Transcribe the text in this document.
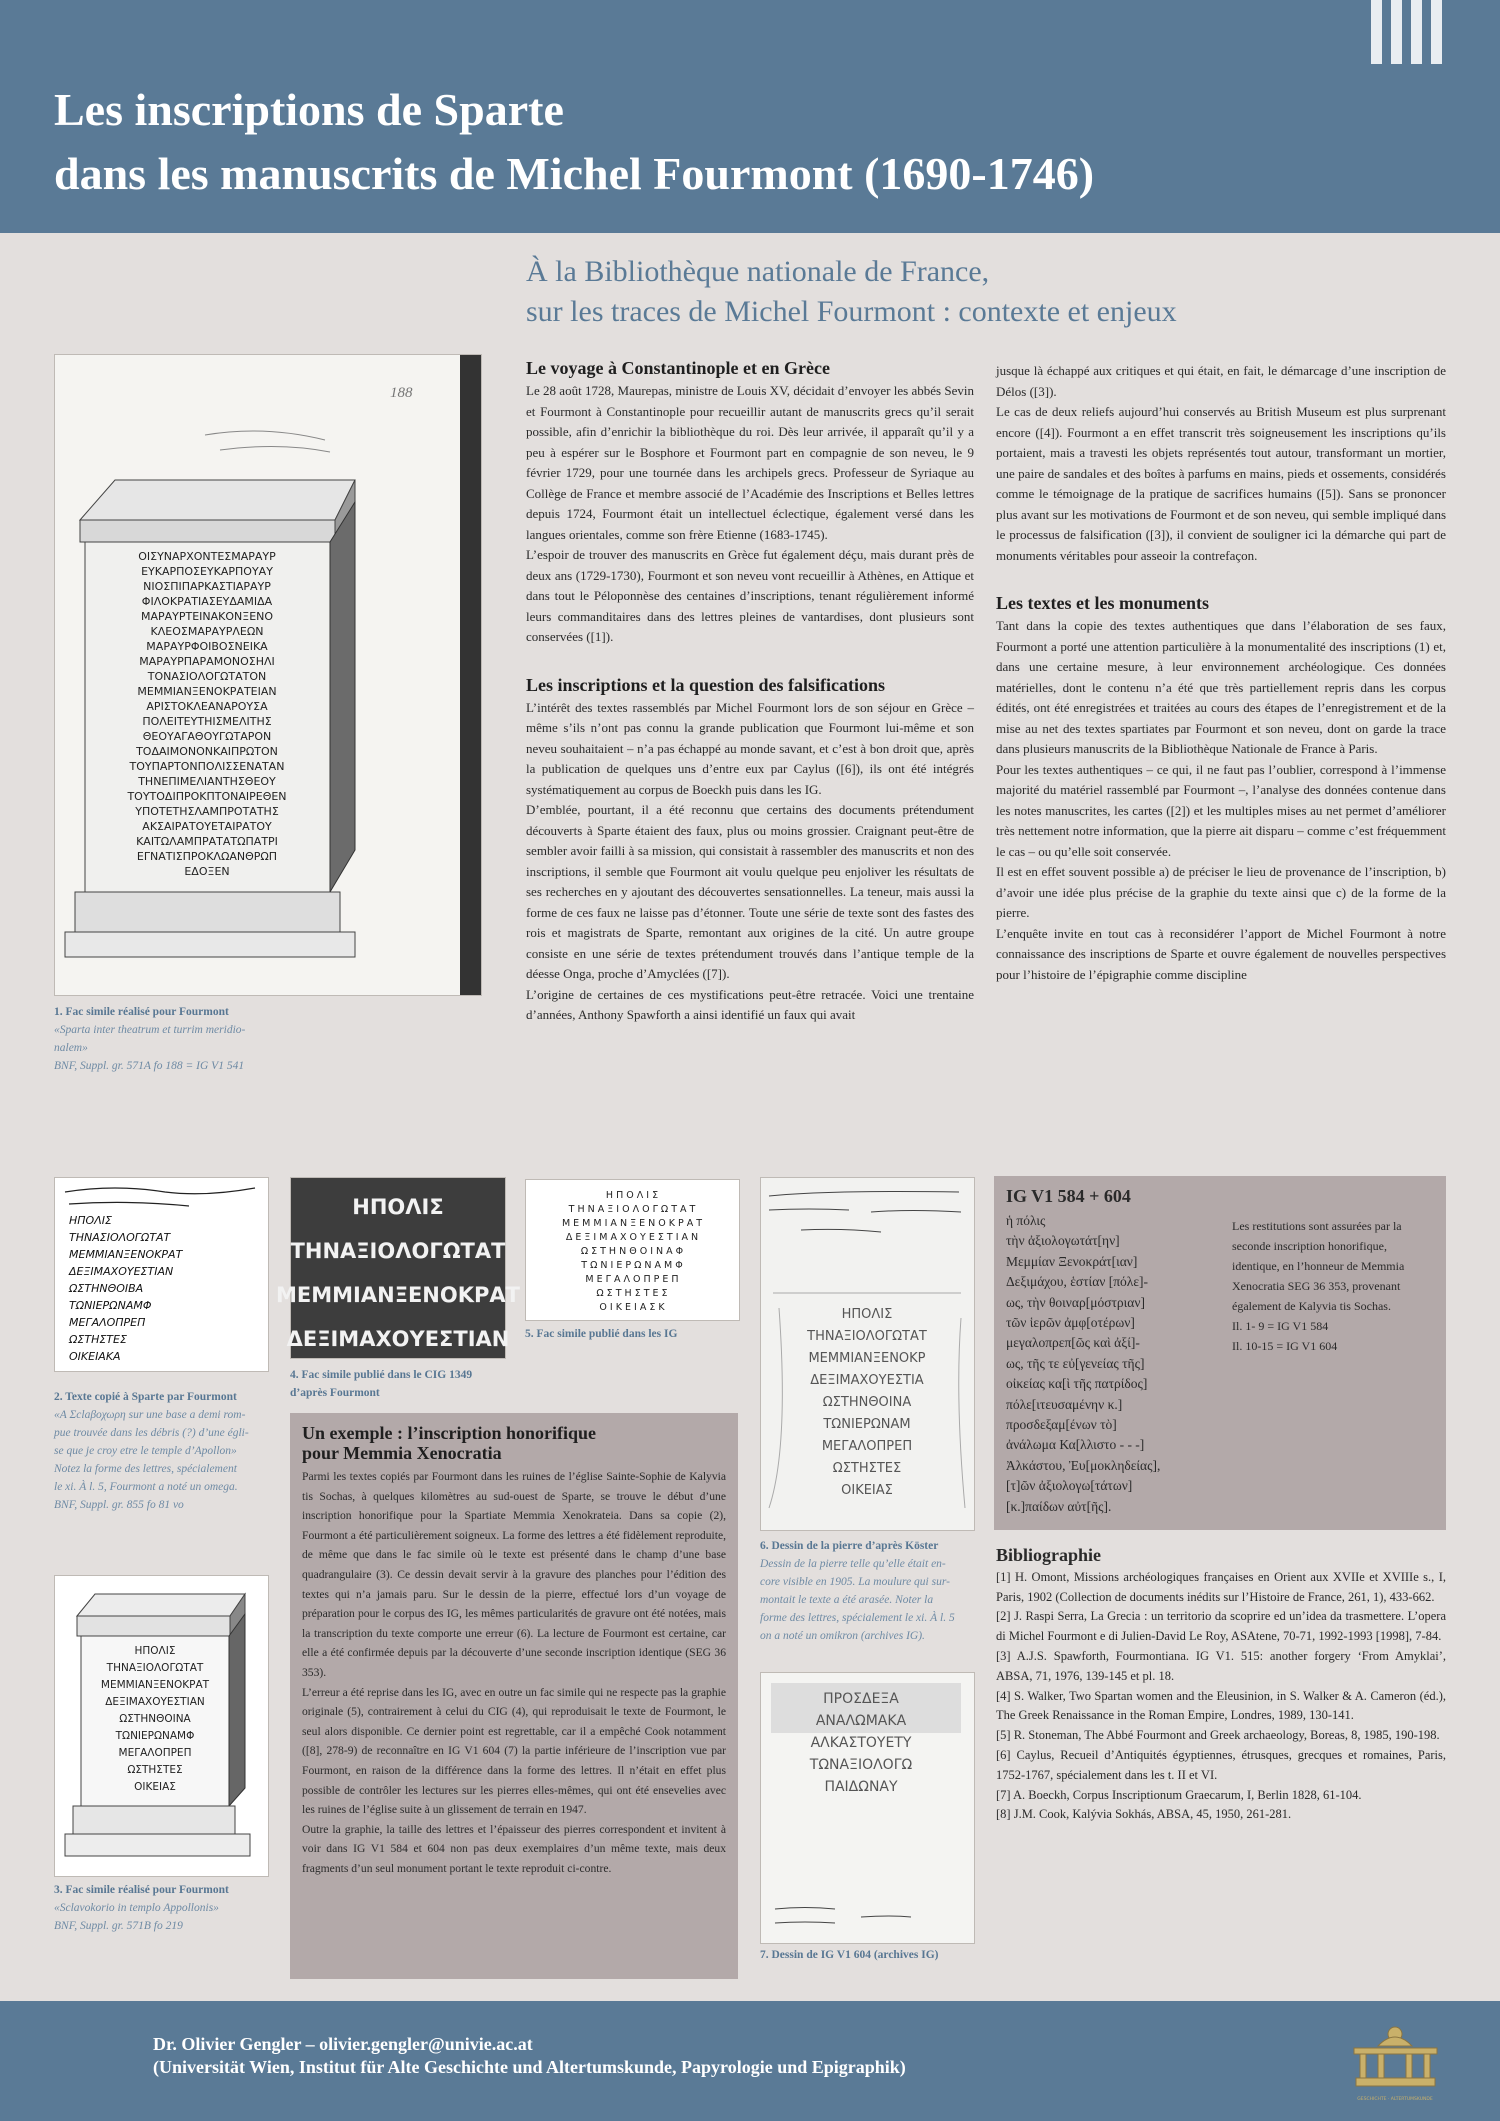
Les inscriptions de Sparte
dans les manuscrits de Michel Fourmont (1690-1746)
À la Bibliothèque nationale de France,
sur les traces de Michel Fourmont : contexte et enjeux
188
ΟΙΣΥΝΑΡΧΟΝΤΕΣΜΑΡΑΥΡ
ΕΥΚΑΡΠΟΣΕΥΚΑΡΠΟΥΑΥ
ΝΙΟΣΠΙΠΑΡΚΑΣΤΙΑΡΑΥΡ
ΦΙΛΟΚΡΑΤΙΑΣΕΥΔΑΜΙΔΑ
ΜΑΡΑΥΡΤΕΙΝΑΚΟΝΞΕΝΟ
ΚΛΕΟΣΜΑΡΑΥΡΛΕΩΝ
ΜΑΡΑΥΡΦΟΙΒΟΣΝΕΙΚΑ
ΜΑΡΑΥΡΠΑΡΑΜΟΝΟΣΗΛΙ
ΤΟΝΑΣΙΟΛΟΓΩΤΑΤΟΝ
ΜΕΜΜΙΑΝΞΕΝΟΚΡΑΤΕΙΑΝ
ΑΡΙΣΤΟΚΛΕΑΝΑΡΟΥΣΑ
ΠΟΛΕΙΤΕΥΤΗΙΣΜΕΛΙΤΗΣ
ΘΕΟΥΑΓΑΘΟΥΓΩΤΑΡΟΝ
ΤΟΔΑΙΜΟΝΟΝΚΑΙΠΡΩΤΟΝ
ΤΟΥΠΑΡΤΟΝΠΟΛΙΣΣΕΝΑΤΑΝ
ΤΗΝΕΠΙΜΕΛΙΑΝΤΗΣΘΕΟΥ
ΤΟΥΤΟΔΙΠΡΟΚΠΤΟΝΑΙΡΕΘΕΝ
ΥΠΟΤΕΤΗΣΛΑΜΠΡΟΤΑΤΗΣ
ΑΚΣΑΙΡΑΤΟΥΕΤΑΙΡΑΤΟΥ
ΚΑΙΤΩΛΑΜΠΡΑΤΑΤΩΠΑΤΡΙ
ΕΓΝΑΤΙΣΠΡΟΚΛΩΑΝΘΡΩΠ
ΕΔΟΞΕΝ
1. Fac simile réalisé pour Fourmont
«Sparta inter theatrum et turrim meridio-
nalem»
BNF, Suppl. gr. 571A fo 188 = IG V1 541
Le voyage à Constantinople et en Grèce

Le 28 août 1728, Maurepas, ministre de Louis XV, décidait d’envoyer les abbés Sevin et Fourmont à Constantinople pour recueillir autant de manuscrits grecs qu’il serait possible, afin d’enrichir la bibliothèque du roi. Dès leur arrivée, il apparaît qu’il y a peu à espérer sur le Bosphore et Fourmont part en compagnie de son neveu, le 9 février 1729, pour une tournée dans les archipels grecs. Professeur de Syriaque au Collège de France et membre associé de l’Académie des Inscriptions et Belles lettres depuis 1724, Fourmont était un intellectuel éclectique, également versé dans les langues orientales, comme son frère Etienne (1683-1745).

L’espoir de trouver des manuscrits en Grèce fut également déçu, mais durant près de deux ans (1729-1730), Fourmont et son neveu vont recueillir à Athènes, en Attique et dans tout le Péloponnèse des centaines d’inscriptions, tenant régulièrement informé leurs commanditaires dans des lettres pleines de vantardises, dont plusieurs sont conservées ([1]).

Les inscriptions et la question des falsifications

L’intérêt des textes rassemblés par Michel Fourmont lors de son séjour en Grèce – même s’ils n’ont pas connu la grande publication que Fourmont lui-même et son neveu souhaitaient – n’a pas échappé au monde savant, et c’est à bon droit que, après la publication de quelques uns d’entre eux par Caylus ([6]), ils ont été intégrés systématiquement au corpus de Boeckh puis dans les IG.

D’emblée, pourtant, il a été reconnu que certains des documents prétendument découverts à Sparte étaient des faux, plus ou moins grossier. Craignant peut-être de sembler avoir failli à sa mission, qui consistait à rassembler des manuscrits et non des inscriptions, il semble que Fourmont ait voulu quelque peu enjoliver les résultats de ses recherches en y ajoutant des découvertes sensationnelles. La teneur, mais aussi la forme de ces faux ne laisse pas d’étonner. Toute une série de texte sont des fastes des rois et magistrats de Sparte, remontant aux origines de la cité. Un autre groupe consiste en une série de textes prétendument trouvés dans l’antique temple de la déesse Onga, proche d’Amyclées ([7]).

L’origine de certaines de ces mystifications peut-être retracée. Voici une trentaine d’années, Anthony Spawforth a ainsi identifié un faux qui avait

jusque là échappé aux critiques et qui était, en fait, le démarcage d’une inscription de Délos ([3]).

Le cas de deux reliefs aujourd’hui conservés au British Museum est plus surprenant encore ([4]). Fourmont a en effet transcrit très soigneusement les inscriptions qu’ils portaient, mais a travesti les objets représentés tout autour, transformant un mortier, une paire de sandales et des boîtes à parfums en mains, pieds et ossements, considérés comme le témoignage de la pratique de sacrifices humains ([5]). Sans se prononcer plus avant sur les motivations de Fourmont et de son neveu, qui semble impliqué dans le processus de falsification ([3]), il convient de souligner ici la démarche qui part de monuments véritables pour asseoir la contrefaçon.

Les textes et les monuments

Tant dans la copie des textes authentiques que dans l’élaboration de ses faux, Fourmont a porté une attention particulière à la monumentalité des inscriptions (1) et, dans une certaine mesure, à leur environnement archéologique. Ces données matérielles, dont le contenu n’a été que très partiellement repris dans les corpus édités, ont été enregistrées et traitées au cours des étapes de l’enregistrement et de la mise au net des textes spartiates par Fourmont et son neveu, dont on garde la trace dans plusieurs manuscrits de la Bibliothèque Nationale de France à Paris.

Pour les textes authentiques – ce qui, il ne faut pas l’oublier, correspond à l’immense majorité du matériel rassemblé par Fourmont –, l’analyse des données contenue dans les notes manuscrites, les cartes ([2]) et les multiples mises au net permet d’améliorer très nettement notre information, que la pierre ait disparu – comme c’est fréquemment le cas – ou qu’elle soit conservée.

Il est en effet souvent possible a) de préciser le lieu de provenance de l’inscription, b) d’avoir une idée plus précise de la graphie du texte ainsi que c) de la forme de la pierre.

L’enquête invite en tout cas à reconsidérer l’apport de Michel Fourmont à notre connaissance des inscriptions de Sparte et ouvre également de nouvelles perspectives pour l’histoire de l’épigraphie comme discipline

ΗΠΟΛΙΣ
ΤΗΝΑΣΙΟΛΟΓΩΤΑΤ
ΜΕΜΜΙΑΝΞΕΝΟΚΡΑΤ
ΔΕΞΙΜΑΧΟΥΕΣΤΙΑΝ
ΩΣΤΗΝΘΟΙΒΑ
ΤΩΝΙΕΡΩΝΑΜΦ
ΜΕΓΑΛΟΠΡΕΠ
ΩΣΤΗΣΤΕΣ
ΟΙΚΕΙΑΚΑ
2. Texte copié à Sparte par Fourmont
«A Σclaβοχωρη sur une base a demi rom-
pue trouvée dans les débris (?) d’une égli-
se que je croy etre le temple d’Apollon»
Notez la forme des lettres, spécialement
le xi. À l. 5, Fourmont a noté un omega.
BNF, Suppl. gr. 855 fo 81 vo
ΗΠΟΛΙΣ
ΤΗΝΑΞΙΟΛΟΓΩΤΑΤ
ΜΕΜΜΙΑΝΞΕΝΟΚΡΑΤ
ΔΕΞΙΜΑΧΟΥΕΣΤΙΑΝ
4. Fac simile publié dans le CIG 1349
d’après Fourmont
Η Π Ο Λ Ι Σ
Τ Η Ν Α Ξ Ι Ο Λ Ο Γ Ω Τ Α Τ
Μ Ε Μ Μ Ι Α Ν Ξ Ε Ν Ο Κ Ρ Α Τ
Δ Ε Ξ Ι Μ Α Χ Ο Υ Ε Σ Τ Ι Α Ν
Ω Σ Τ Η Ν Θ Ο Ι Ν Α Φ
Τ Ω Ν Ι Ε Ρ Ω Ν Α Μ Φ
Μ Ε Γ Α Λ Ο Π Ρ Ε Π
Ω Σ Τ Η Σ Τ Ε Σ
Ο Ι Κ Ε Ι Α Σ Κ
5. Fac simile publié dans les IG
ΗΠΟΛΙΣ
ΤΗΝΑΞΙΟΛΟΓΩΤΑΤ
ΜΕΜΜΙΑΝΞΕΝΟΚΡΑΤ
ΔΕΞΙΜΑΧΟΥΕΣΤΙΑΝ
ΩΣΤΗΝΘΟΙΝΑ
ΤΩΝΙΕΡΩΝΑΜΦ
ΜΕΓΑΛΟΠΡΕΠ
ΩΣΤΗΣΤΕΣ
ΟΙΚΕΙΑΣ
3. Fac simile réalisé pour Fourmont
«Sclavokorio in templo Appollonis»
BNF, Suppl. gr. 571B fo 219
Un exemple : l’inscription honorifique
pour Memmia Xenocratia

Parmi les textes copiés par Fourmont dans les ruines de l’église Sainte-Sophie de Kalyvia tis Sochas, à quelques kilomètres au sud-ouest de Sparte, se trouve le début d’une inscription honorifique pour la Spartiate Memmia Xenokrateia. Dans sa copie (2), Fourmont a été particulièrement soigneux. La forme des lettres a été fidèlement reproduite, de même que dans le fac simile où le texte est présenté dans le champ d’une base quadrangulaire (3). Ce dessin devait servir à la gravure des planches pour l’édition des textes qui n’a jamais paru. Sur le dessin de la pierre, effectué lors d’un voyage de préparation pour le corpus des IG, les mêmes particularités de gravure ont été notées, mais la transcription du texte comporte une erreur (6). La lecture de Fourmont est certaine, car elle a été confirmée depuis par la découverte d’une seconde inscription identique (SEG 36 353).

L’erreur a été reprise dans les IG, avec en outre un fac simile qui ne respecte pas la graphie originale (5), contrairement à celui du CIG (4), qui reproduisait le texte de Fourmont, le seul alors disponible. Ce dernier point est regrettable, car il a empêché Cook notamment ([8], 278-9) de reconnaître en IG V1 604 (7) la partie inférieure de l’inscription vue par Fourmont, en raison de la différence dans la forme des lettres. Il n’était en effet plus possible de contrôler les lectures sur les pierres elles-mêmes, qui ont été ensevelies avec les ruines de l’église suite à un glissement de terrain en 1947.

Outre la graphie, la taille des lettres et l’épaisseur des pierres correspondent et invitent à voir dans IG V1 584 et 604 non pas deux exemplaires d’un même texte, mais deux fragments d’un seul monument portant le texte reproduit ci-contre.

ΗΠΟΛΙΣ
ΤΗΝΑΞΙΟΛΟΓΩΤΑΤ
ΜΕΜΜΙΑΝΞΕΝΟΚΡ
ΔΕΞΙΜΑΧΟΥΕΣΤΙΑ
ΩΣΤΗΝΘΟΙΝΑ
ΤΩΝΙΕΡΩΝΑΜ
ΜΕΓΑΛΟΠΡΕΠ
ΩΣΤΗΣΤΕΣ
ΟΙΚΕΙΑΣ
6. Dessin de la pierre d’après Köster
Dessin de la pierre telle qu’elle était en-
core visible en 1905. La moulure qui sur-
montait le texte a été arasée. Noter la
forme des lettres, spécialement le xi. À l. 5
on a noté un omikron (archives IG).
ΠΡΟΣΔΕΞΑ
ΑΝΑΛΩΜΑΚΑ
ΑΛΚΑΣΤΟΥΕΤΥ
ΤΩΝΑΞΙΟΛΟΓΩ
ΠΑΙΔΩΝΑΥ
7. Dessin de IG V1 604 (archives IG)
IG V1 584 + 604
ἡ πόλις
τὴν ἀξιολογωτάτ[ην]
Μεμμίαν Ξενοκράτ[ιαν]
Δεξιμάχου, ἑστίαν [πόλε]-
ως, τὴν θοιναρ[μόστριαν]
τῶν ἱερῶν ἀμφ[οτέρων]
μεγαλοπρεπ[ῶς καὶ ἀξί]-
ως, τῆς τε εὐ[γενείας τῆς]
οἰκείας κα[ὶ τῆς πατρίδος]
πόλε[ιτευσαμένην κ.]
προσδεξαμ[ένων τὸ]
ἀνάλωμα Κα[λλιστο - - -]
Ἀλκάστου, Ἐυ[μοκληδείας],
[τ]ῶν ἀξιολογω[τάτων]
[κ.]παίδων αὐτ[ῆς].
Les restitutions sont assurées par la seconde inscription honorifique, identique, en l’honneur de Memmia Xenocratia SEG 36 353, provenant également de Kalyvia tis Sochas.
Il. 1- 9 = IG V1 584
Il. 10-15 = IG V1 604
Bibliographie

[1] H. Omont, Missions archéologiques françaises en Orient aux XVIIe et XVIIIe s., I, Paris, 1902 (Collection de documents inédits sur l’Histoire de France, 261, 1), 433-662.

[2] J. Raspi Serra, La Grecia : un territorio da scoprire ed un’idea da trasmettere. L’opera di Michel Fourmont e di Julien-David Le Roy, ASAtene, 70-71, 1992-1993 [1998], 7-84.

[3] A.J.S. Spawforth, Fourmontiana. IG V1. 515: another forgery ‘From Amyklai’, ABSA, 71, 1976, 139-145 et pl. 18.

[4] S. Walker, Two Spartan women and the Eleusinion, in S. Walker & A. Cameron (éd.), The Greek Renaissance in the Roman Empire, Londres, 1989, 130-141.

[5] R. Stoneman, The Abbé Fourmont and Greek archaeology, Boreas, 8, 1985, 190-198.

[6] Caylus, Recueil d’Antiquités égyptiennes, étrusques, grecques et romaines, Paris, 1752-1767, spécialement dans les t. II et VI.

[7] A. Boeckh, Corpus Inscriptionum Graecarum, I, Berlin 1828, 61-104.

[8] J.M. Cook, Kalývia Sokhás, ABSA, 45, 1950, 261-281.

Dr. Olivier Gengler – olivier.gengler@univie.ac.at
(Universität Wien, Institut für Alte Geschichte und Altertumskunde, Papyrologie und Epigraphik)
GESCHICHTE · ALTERTUMSKUNDE
